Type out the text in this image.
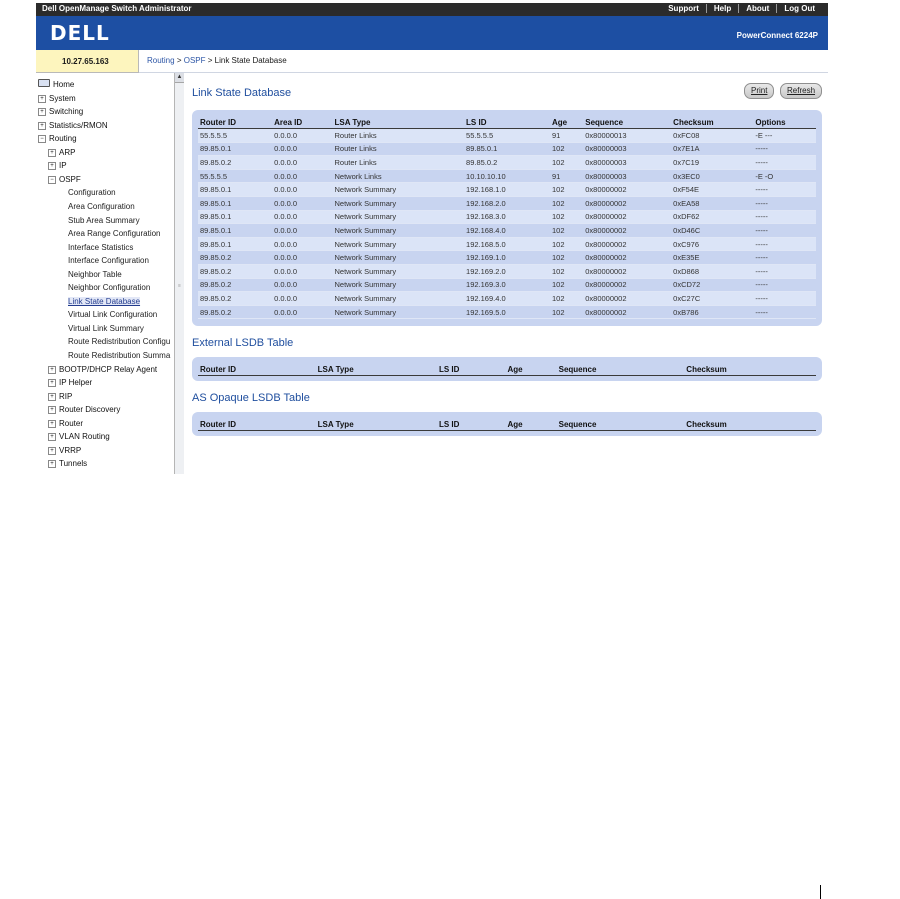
Dell OpenManage Switch Administrator	Support	Help	About	Log Out
DELL	PowerConnect 6224P
10.27.65.163	Routing > OSPF > Link State Database
Home
+ System
+ Switching
+ Statistics/RMON
− Routing
+ ARP
+ IP
− OSPF
Configuration
Area Configuration
Stub Area Summary
Area Range Configuration
Interface Statistics
Interface Configuration
Neighbor Table
Neighbor Configuration
Link State Database
Virtual Link Configuration
Virtual Link Summary
Route Redistribution Configu
Route Redistribution Summa
+ BOOTP/DHCP Relay Agent
+ IP Helper
+ RIP
+ Router Discovery
+ Router
+ VLAN Routing
+ VRRP
+ Tunnels
▲
≡
Link State Database	Print	Refresh
Router ID	Area ID	LSA Type	LS ID	Age	Sequence	Checksum	Options
55.5.5.5	0.0.0.0	Router Links	55.5.5.5	91	0x80000013	0xFC08	-E ---
89.85.0.1	0.0.0.0	Router Links	89.85.0.1	102	0x80000003	0x7E1A	-----
89.85.0.2	0.0.0.0	Router Links	89.85.0.2	102	0x80000003	0x7C19	-----
55.5.5.5	0.0.0.0	Network Links	10.10.10.10	91	0x80000003	0x3EC0	-E -O
89.85.0.1	0.0.0.0	Network Summary	192.168.1.0	102	0x80000002	0xF54E	-----
89.85.0.1	0.0.0.0	Network Summary	192.168.2.0	102	0x80000002	0xEA58	-----
89.85.0.1	0.0.0.0	Network Summary	192.168.3.0	102	0x80000002	0xDF62	-----
89.85.0.1	0.0.0.0	Network Summary	192.168.4.0	102	0x80000002	0xD46C	-----
89.85.0.1	0.0.0.0	Network Summary	192.168.5.0	102	0x80000002	0xC976	-----
89.85.0.2	0.0.0.0	Network Summary	192.169.1.0	102	0x80000002	0xE35E	-----
89.85.0.2	0.0.0.0	Network Summary	192.169.2.0	102	0x80000002	0xD868	-----
89.85.0.2	0.0.0.0	Network Summary	192.169.3.0	102	0x80000002	0xCD72	-----
89.85.0.2	0.0.0.0	Network Summary	192.169.4.0	102	0x80000002	0xC27C	-----
89.85.0.2	0.0.0.0	Network Summary	192.169.5.0	102	0x80000002	0xB786	-----
External LSDB Table
Router ID	LSA Type	LS ID	Age	Sequence	Checksum
AS Opaque LSDB Table
Router ID	LSA Type	LS ID	Age	Sequence	Checksum
